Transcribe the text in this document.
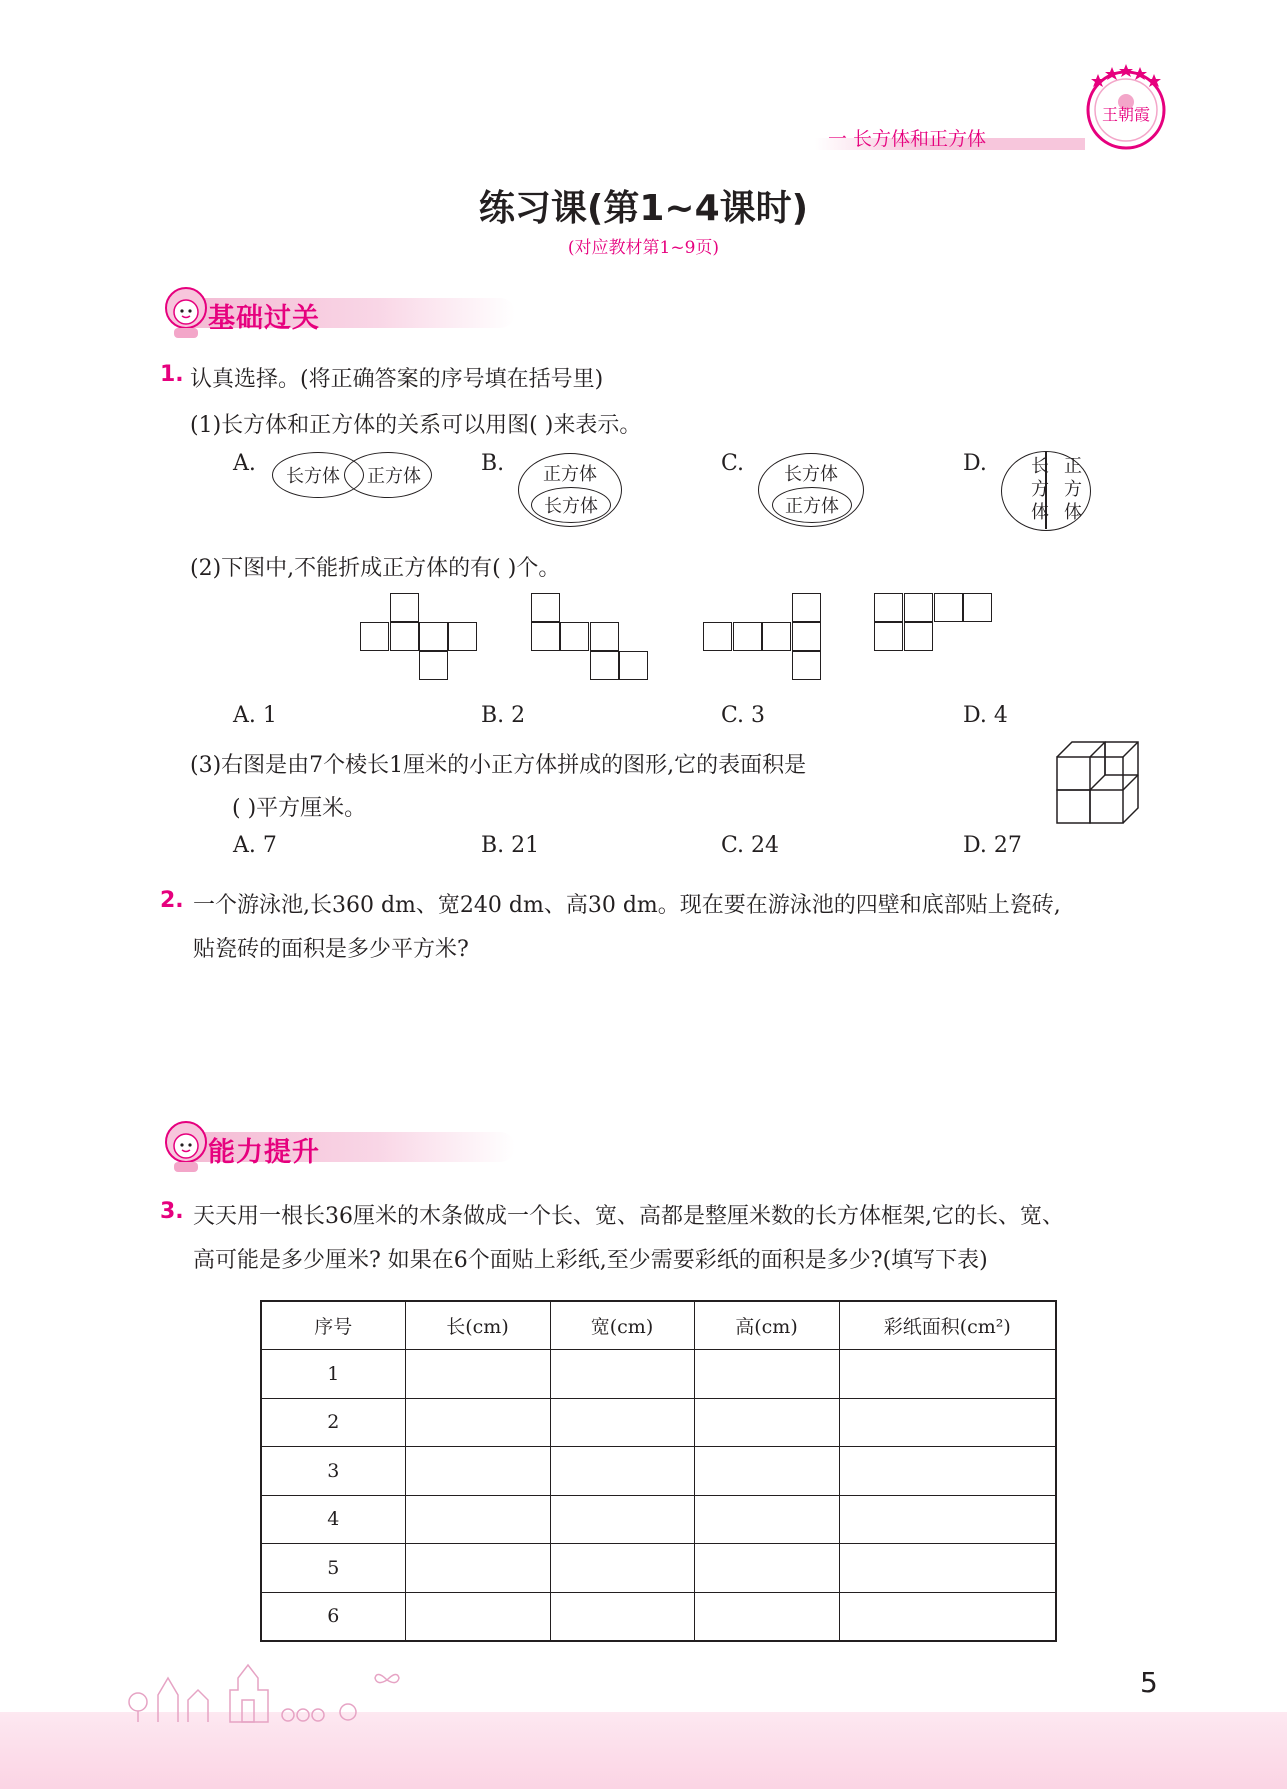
一 长方体和正方体
王朝霞
练习课(第1~4课时)
(对应教材第1~9页)
基础过关
1. 认真选择。(将正确答案的序号填在括号里)
(1)长方体和正方体的关系可以用图( )来表示。
A.
长方体 正方体
B. 正方体
长方体
C. 长方体
正方体
D. 长
方
体
正
方
体
(2)下图中,不能折成正方体的有( )个。
A. 1	B. 2	C. 3	D. 4
(3)右图是由7个棱长1厘米的小正方体拼成的图形,它的表面积是
( )平方厘米。
A. 7	B. 21	C. 24	D. 27
2. 一个游泳池,长360 dm、宽240 dm、高30 dm。现在要在游泳池的四壁和底部贴上瓷砖,
贴瓷砖的面积是多少平方米?
能力提升
3. 天天用一根长36厘米的木条做成一个长、宽、高都是整厘米数的长方体框架,它的长、宽、
高可能是多少厘米? 如果在6个面贴上彩纸,至少需要彩纸的面积是多少?(填写下表)
序号	长(cm)	宽(cm)	高(cm)	彩纸面积(cm²)
1				
2				
3				
4				
5				
6				
5
